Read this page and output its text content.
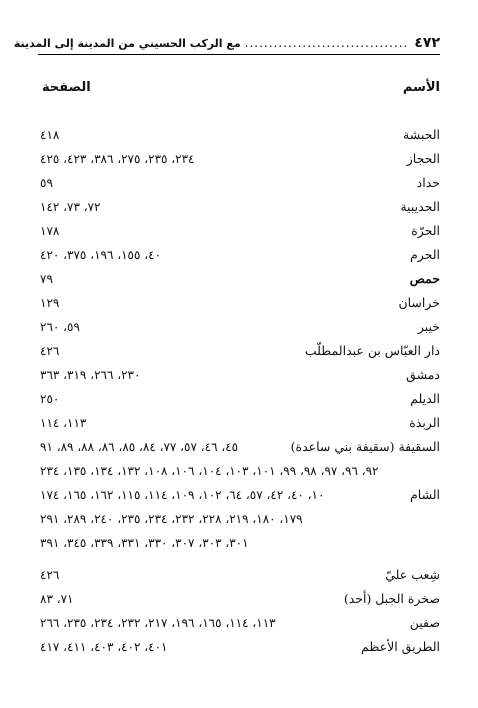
٤٧٢
..................................
مع الركب الحسيني من المدينة إلى المدينة
الأسم
الصفحة
الحبشة
٤١٨
الحجاز
٢٣٤، ٢٣٥، ٢٧٥، ٣٨٦، ٤٢٣، ٤٢٥
حداد
٥٩
الحديبية
٧٢، ٧٣، ١٤٢
الحرّة
١٧٨
الحرم
٤٠، ١٥٥، ١٩٦، ٣٧٥، ٤٢٠
حمص
٧٩
خراسان
١٢٩
خيبر
٥٩، ٢٦٠
دار العبّاس بن عبدالمطلّب
٤٢٦
دمشق
٢٣٠، ٢٦٦، ٣١٩، ٣٦٣
الديلم
٢٥٠
الربذة
١١٣، ١١٤
السقيفة (سقيفة بني ساعدة)
٤٥، ٤٦، ٥٧، ٧٧، ٨٤، ٨٥، ٨٦، ٨٨، ٨٩، ٩١
٩٢، ٩٦، ٩٧، ٩٨، ٩٩، ١٠١، ١٠٣، ١٠٤، ١٠٦، ١٠٨، ١٣٢، ١٣٤، ١٣٥، ٢٣٤
الشام
١٠، ٤٠، ٤٢، ٥٧، ٦٤، ١٠٢، ١٠٩، ١١٤، ١١٥، ١٦٢، ١٦٥، ١٧٤
١٧٩، ١٨٠، ٢١٩، ٢٢٨، ٢٣٢، ٢٣٤، ٢٣٥، ٢٤٠، ٢٨٩، ٢٩١
٣٠١، ٣٠٣، ٣٠٧، ٣٣٠، ٣٣١، ٣٣٩، ٣٤٥، ٣٩١
شِعب عليّ
٤٢٦
صخرة الجبل (أحد)
٧١، ٨٣
صفين
١١٣، ١١٤، ١٦٥، ١٩٦، ٢١٧، ٢٣٢، ٢٣٤، ٢٣٥، ٢٦٦
الطريق الأعظم
٤٠١، ٤٠٢، ٤٠٣، ٤١١، ٤١٧
